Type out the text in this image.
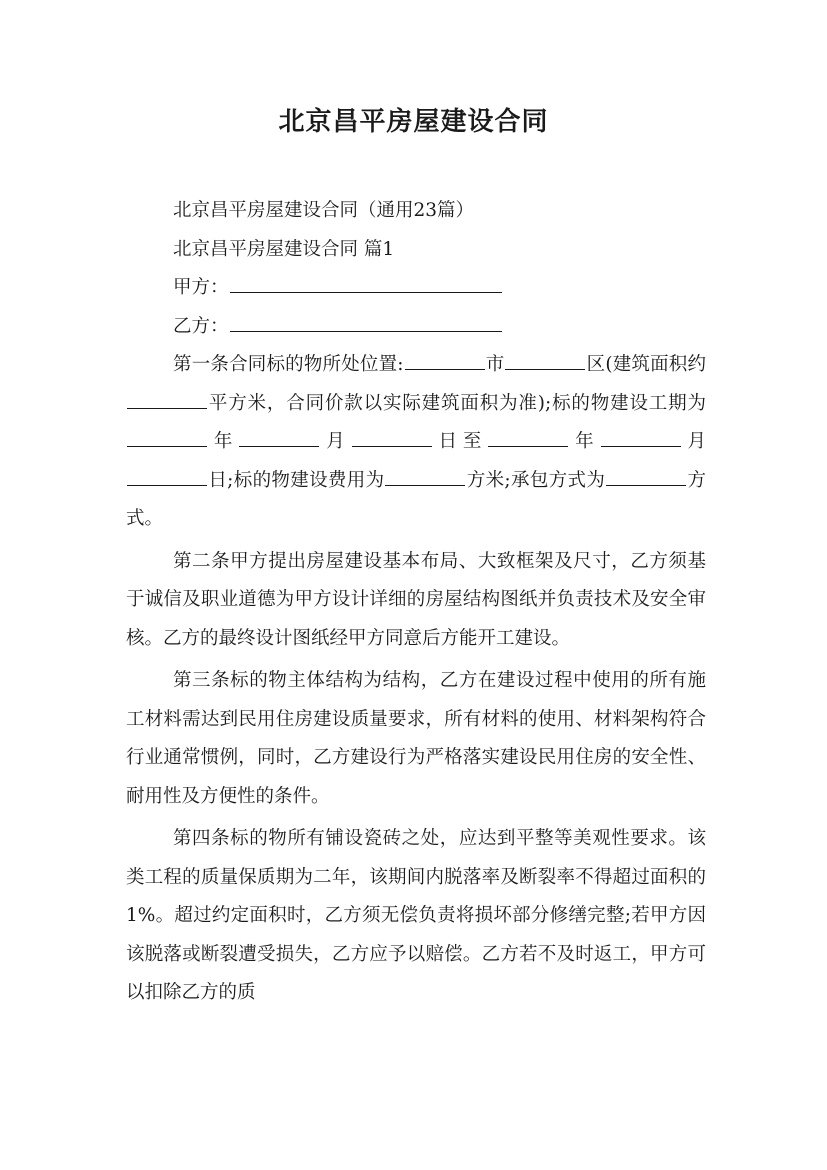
北京昌平房屋建设合同

北京昌平房屋建设合同（通用23篇）

北京昌平房屋建设合同 篇1

甲方：

乙方：

第一条合同标的物所处位置:	市	区(建筑面积约平方米，合同价款以实际建筑面积为准);标的物建设工期为年	月	日至	年	月日;标的物建设费用为	方米;承包方式为	方式。

第二条甲方提出房屋建设基本布局、大致框架及尺寸，乙方须基于诚信及职业道德为甲方设计详细的房屋结构图纸并负责技术及安全审核。乙方的最终设计图纸经甲方同意后方能开工建设。

第三条标的物主体结构为结构，乙方在建设过程中使用的所有施工材料需达到民用住房建设质量要求，所有材料的使用、材料架构符合行业通常惯例，同时，乙方建设行为严格落实建设民用住房的安全性、耐用性及方便性的条件。

第四条标的物所有铺设瓷砖之处，应达到平整等美观性要求。该类工程的质量保质期为二年，该期间内脱落率及断裂率不得超过面积的1%。超过约定面积时，乙方须无偿负责将损坏部分修缮完整;若甲方因该脱落或断裂遭受损失，乙方应予以赔偿。乙方若不及时返工，甲方可以扣除乙方的质
